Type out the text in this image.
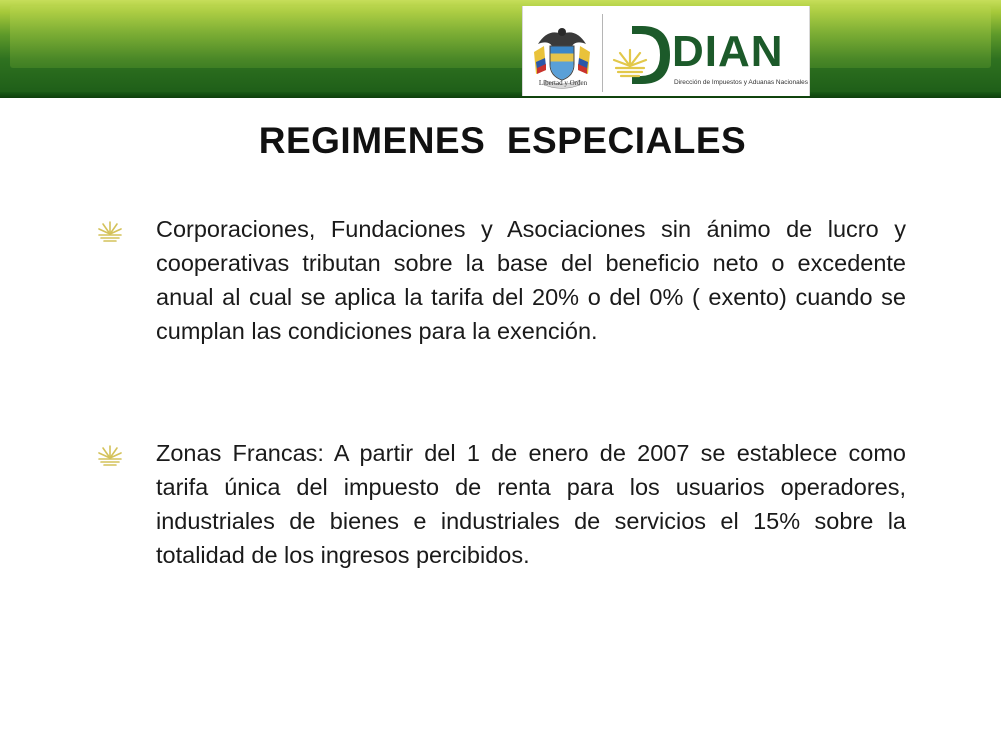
Libertad y Orden
DIAN
Dirección de Impuestos y Aduanas Nacionales
REGIMENES  ESPECIALES
Corporaciones, Fundaciones y Asociaciones sin ánimo de lucro y cooperativas tributan sobre la base del beneficio neto o excedente anual al cual se aplica la tarifa del 20% o del 0% ( exento) cuando se cumplan las condiciones para la exención.
Zonas Francas: A partir del 1 de enero de 2007 se establece como tarifa única del impuesto de renta para los usuarios operadores, industriales de bienes e industriales de servicios el 15% sobre la totalidad de los ingresos percibidos.
